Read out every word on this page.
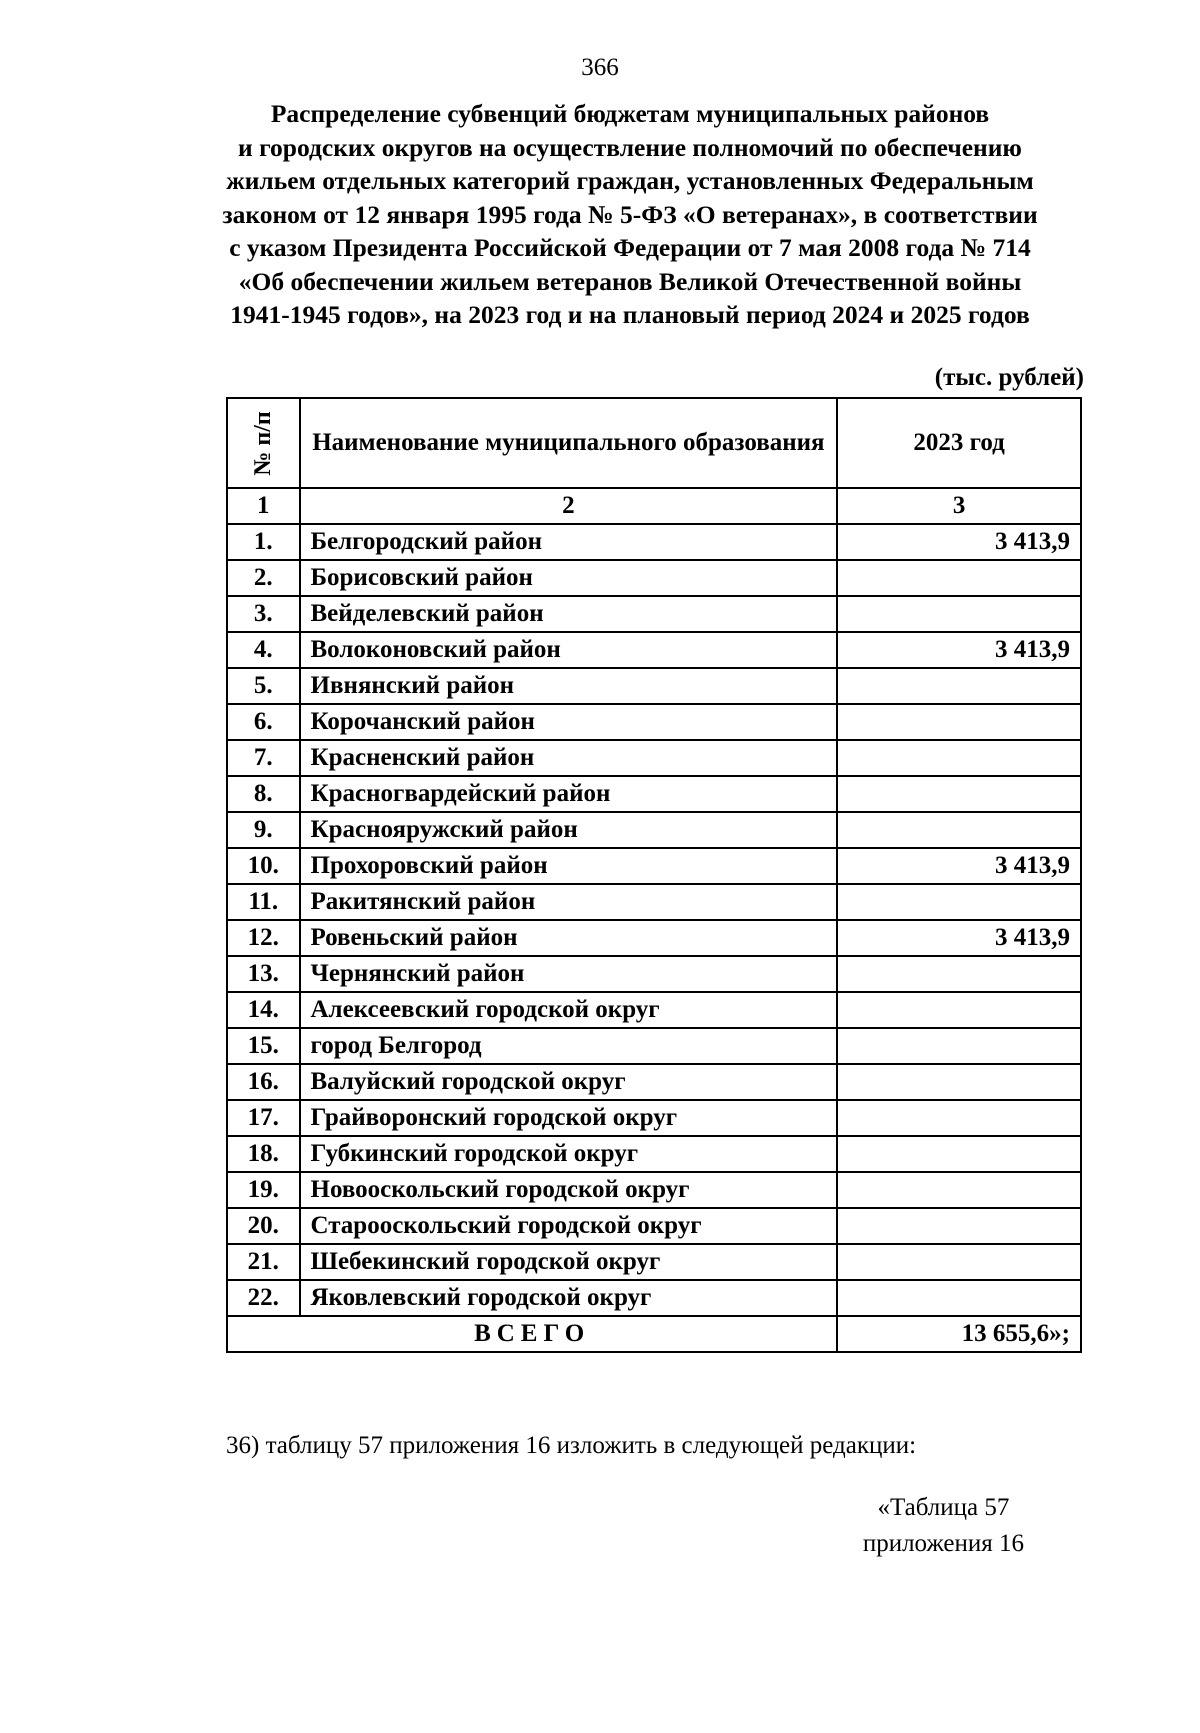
366
Распределение субвенций бюджетам муниципальных районов
и городских округов на осуществление полномочий по обеспечению
жильем отдельных категорий граждан, установленных Федеральным
законом от 12 января 1995 года № 5-ФЗ «О ветеранах», в соответствии
с указом Президента Российской Федерации от 7 мая 2008 года № 714
«Об обеспечении жильем ветеранов Великой Отечественной войны
1941-1945 годов», на 2023 год и на плановый период 2024 и 2025 годов
(тыс. рублей)
№ п/п	Наименование муниципального образования	2023 год
1	2	3
1.	Белгородский район	3 413,9
2.	Борисовский район	
3.	Вейделевский район	
4.	Волоконовский район	3 413,9
5.	Ивнянский район	
6.	Корочанский район	
7.	Красненский район	
8.	Красногвардейский район	
9.	Краснояружский район	
10.	Прохоровский район	3 413,9
11.	Ракитянский район	
12.	Ровеньский район	3 413,9
13.	Чернянский район	
14.	Алексеевский городской округ	
15.	город Белгород	
16.	Валуйский городской округ	
17.	Грайворонский городской округ	
18.	Губкинский городской округ	
19.	Новооскольский городской округ	
20.	Старооскольский городской округ	
21.	Шебекинский городской округ	
22.	Яковлевский городской округ	
ВСЕГО		13 655,6»;
36) таблицу 57 приложения 16 изложить в следующей редакции:
«Таблица 57
приложения 16
